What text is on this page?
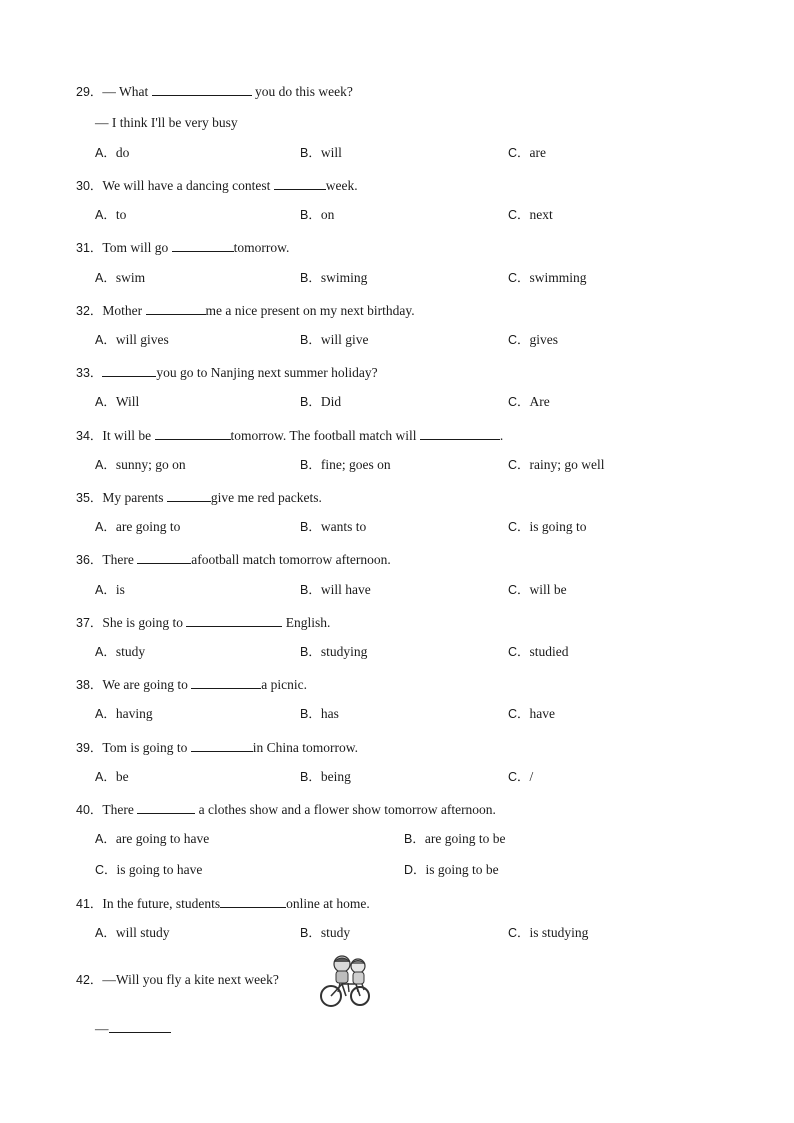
29．— What	you do this week?
— I think I'll be very busy
A．do	B．will	C．are
30．We will have a dancing contest	week.
A．to	B．on	C．next
31．Tom will go	tomorrow.
A．swim	B．swiming	C．swimming
32．Mother	me a nice present on my next birthday.
A．will gives	B．will give	C．gives
33．	you go to Nanjing next summer holiday?
A．Will	B．Did	C．Are
34．It will be	tomorrow. The football match will	.
A．sunny; go on	B．fine; goes on	C．rainy; go well
35．My parents	give me red packets.
A．are going to	B．wants to	C．is going to
36．There	afootball match tomorrow afternoon.
A．is	B．will have	C．will be
37．She is going to	English.
A．study	B．studying	C．studied
38．We are going to	a picnic.
A．having	B．has	C．have
39．Tom is going to	in China tomorrow.
A．be	B．being	C．/
40．There	a clothes show and a flower show tomorrow afternoon.
A．are going to have	B．are going to be
C．is going to have	D．is going to be
41．In the future, students	online at home.
A．will study	B．study	C．is studying
42．—Will you fly a kite next week?
—
